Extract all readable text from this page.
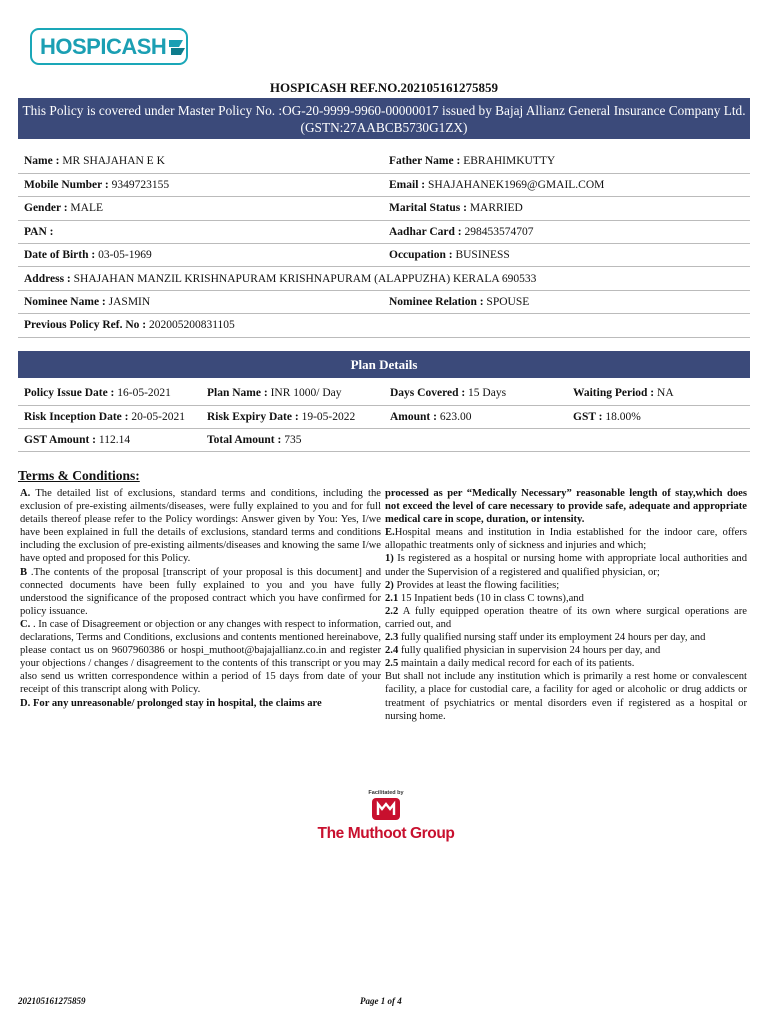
HOSPI CASH
HOSPICASH REF.NO.202105161275859
This Policy is covered under Master Policy No. :OG-20-9999-9960-00000017 issued by Bajaj Allianz General Insurance Company Ltd.(GSTN:27AABCB5730G1ZX)
Name : MR SHAJAHAN E K	Father Name : EBRAHIMKUTTY
Mobile Number : 9349723155	Email : SHAJAHANEK1969@GMAIL.COM
Gender : MALE	Marital Status : MARRIED
PAN :	Aadhar Card : 298453574707
Date of Birth : 03-05-1969	Occupation : BUSINESS
Address : SHAJAHAN MANZIL KRISHNAPURAM KRISHNAPURAM (ALAPPUZHA) KERALA 690533	
Nominee Name : JASMIN	Nominee Relation : SPOUSE
Previous Policy Ref. No : 202005200831105	
Plan Details
Policy Issue Date : 16-05-2021	Plan Name : INR 1000/ Day	Days Covered : 15 Days	Waiting Period : NA
Risk Inception Date : 20-05-2021	Risk Expiry Date : 19-05-2022	Amount : 623.00	GST : 18.00%
GST Amount : 112.14	Total Amount : 735		
Terms & Conditions:

A. The detailed list of exclusions, standard terms and conditions, including the exclusion of pre-existing ailments/diseases, were fully explained to you and for full details thereof please refer to the Policy wordings: Answer given by You: Yes, I/we have been explained in full the details of exclusions, standard terms and conditions including the exclusion of pre-existing ailments/diseases and knowing the same I/we have opted and proposed for this Policy.

B .The contents of the proposal [transcript of your proposal is this document] and connected documents have been fully explained to you and you have fully understood the significance of the proposed contract which you have confirmed for policy issuance.

C. . In case of Disagreement or objection or any changes with respect to information, declarations, Terms and Conditions, exclusions and contents mentioned hereinabove, please contact us on 9607960386 or hospi_muthoot@bajajallianz.co.in and register your objections / changes / disagreement to the contents of this transcript or you may also send us written correspondence within a period of 15 days from date of your receipt of this transcript along with Policy.

D. For any unreasonable/ prolonged stay in hospital, the claims are

processed as per “Medically Necessary” reasonable length of stay,which does not exceed the level of care necessary to provide safe, adequate and appropriate medical care in scope, duration, or intensity.

E.Hospital means and institution in India established for the indoor care, offers allopathic treatments only of sickness and injuries and which;

1) Is registered as a hospital or nursing home with appropriate local authorities and under the Supervision of a registered and qualified physician, or;

2) Provides at least the flowing facilities;

2.1 15 Inpatient beds (10 in class C towns),and

2.2 A fully equipped operation theatre of its own where surgical operations are carried out, and

2.3 fully qualified nursing staff under its employment 24 hours per day, and

2.4 fully qualified physician in supervision 24 hours per day, and

2.5 maintain a daily medical record for each of its patients.

But shall not include any institution which is primarily a rest home or convalescent facility, a place for custodial care, a facility for aged or alcoholic or drug addicts or treatment of psychiatrics or mental disorders even if registered as a hospital or nursing home.

Facilitated by
The Muthoot Group
202105161275859	Page 1 of 4
